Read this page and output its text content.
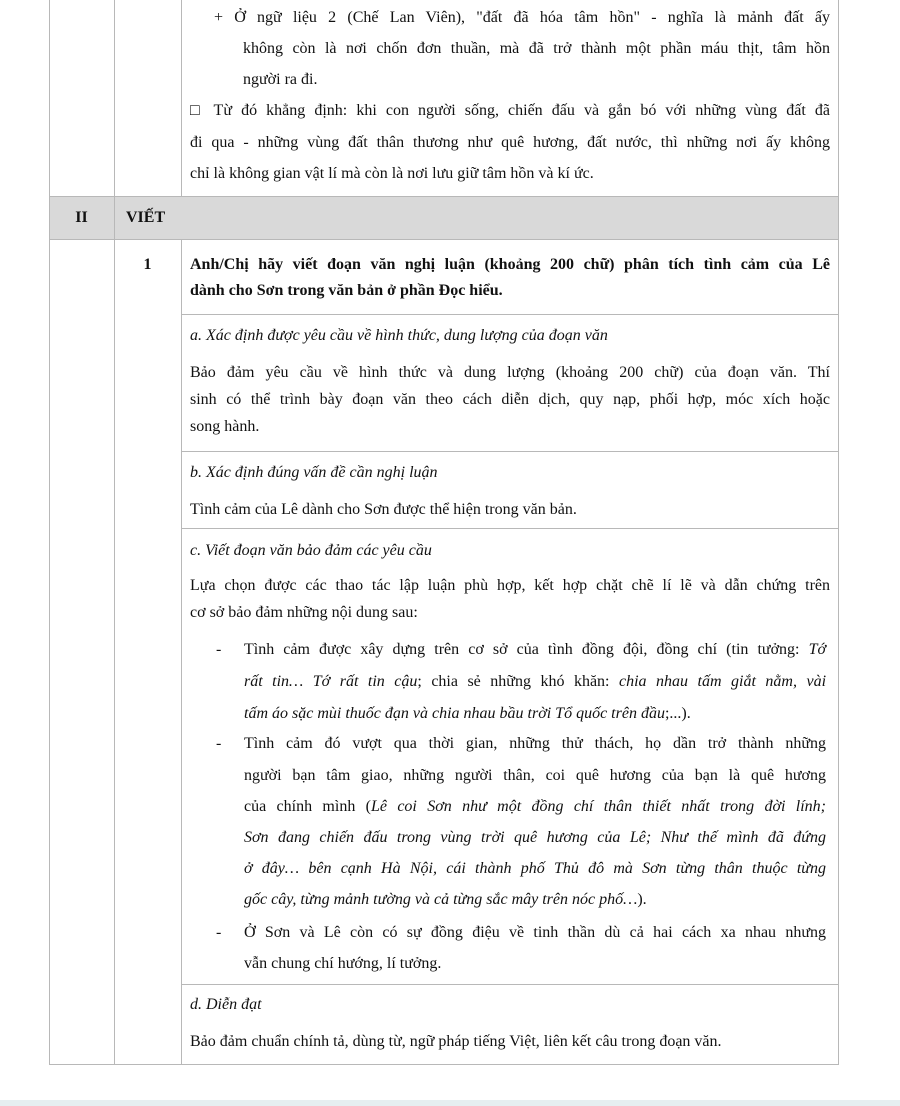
+ Ở ngữ liệu 2 (Chế Lan Viên), "đất đã hóa tâm hồn" - nghĩa là mảnh đất ấy
không còn là nơi chốn đơn thuần, mà đã trở thành một phần máu thịt, tâm hồn
người ra đi.
□ Từ đó khẳng định: khi con người sống, chiến đấu và gắn bó với những vùng đất đã
đi qua - những vùng đất thân thương như quê hương, đất nước, thì những nơi ấy không
chỉ là không gian vật lí mà còn là nơi lưu giữ tâm hồn và kí ức.
II	VIẾT
1	Anh/Chị hãy viết đoạn văn nghị luận (khoảng 200 chữ) phân tích tình cảm của Lê
dành cho Sơn trong văn bản ở phần Đọc hiểu.
a. Xác định được yêu cầu về hình thức, dung lượng của đoạn văn
Bảo đảm yêu cầu về hình thức và dung lượng (khoảng 200 chữ) của đoạn văn. Thí
sinh có thể trình bày đoạn văn theo cách diễn dịch, quy nạp, phối hợp, móc xích hoặc
song hành.
b. Xác định đúng vấn đề cần nghị luận
Tình cảm của Lê dành cho Sơn được thể hiện trong văn bản.
c. Viết đoạn văn bảo đảm các yêu cầu
Lựa chọn được các thao tác lập luận phù hợp, kết hợp chặt chẽ lí lẽ và dẫn chứng trên
cơ sở bảo đảm những nội dung sau:
- Tình cảm được xây dựng trên cơ sở của tình đồng đội, đồng chí (tin tưởng: Tớ
rất tin… Tớ rất tin cậu; chia sẻ những khó khăn: chia nhau tấm giắt nằm, vài
tấm áo sặc mùi thuốc đạn và chia nhau bầu trời Tổ quốc trên đầu;...).
- Tình cảm đó vượt qua thời gian, những thử thách, họ dần trở thành những
người bạn tâm giao, những người thân, coi quê hương của bạn là quê hương
của chính mình (Lê coi Sơn như một đồng chí thân thiết nhất trong đời lính;
Sơn đang chiến đấu trong vùng trời quê hương của Lê; Như thế mình đã đứng
ở đây… bên cạnh Hà Nội, cái thành phố Thủ đô mà Sơn từng thân thuộc từng
gốc cây, từng mảnh tường và cả từng sắc mây trên nóc phố…).
- Ở Sơn và Lê còn có sự đồng điệu về tinh thần dù cả hai cách xa nhau nhưng
vẫn chung chí hướng, lí tưởng.
d. Diễn đạt
Bảo đảm chuẩn chính tả, dùng từ, ngữ pháp tiếng Việt, liên kết câu trong đoạn văn.
